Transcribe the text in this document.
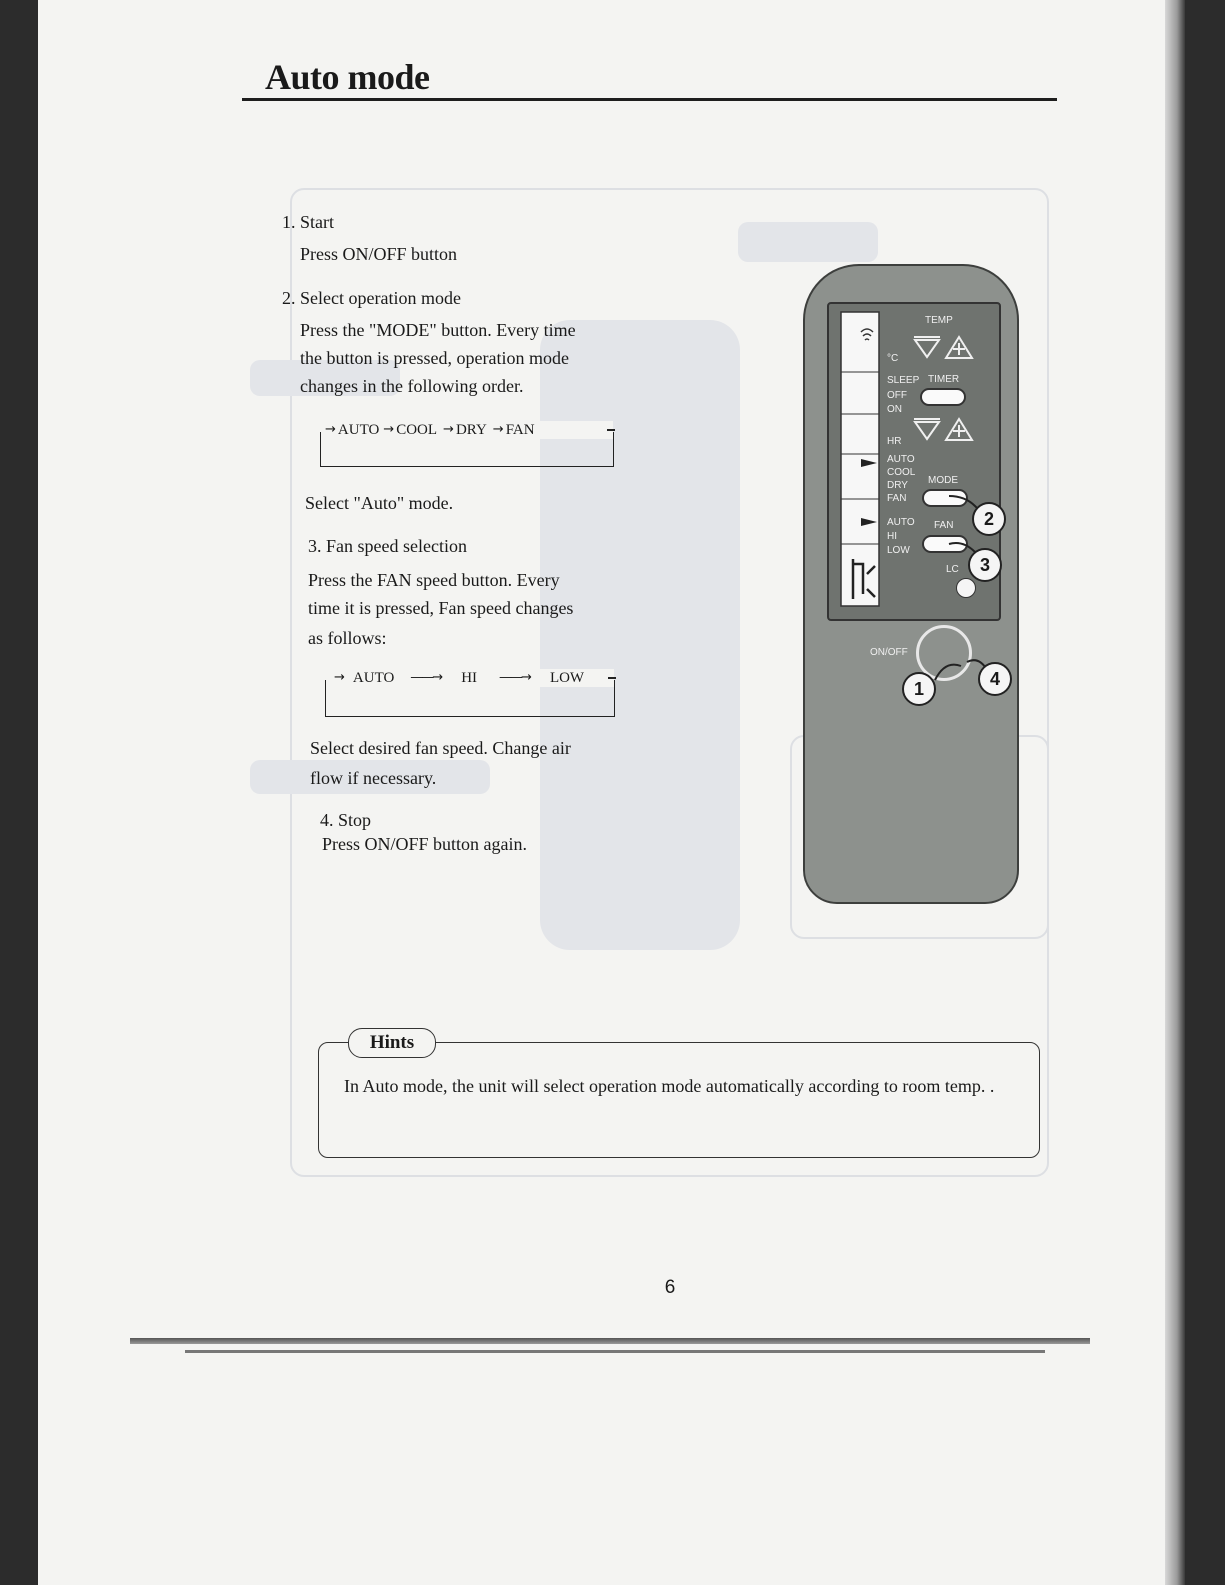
Auto mode
1. Start
Press ON/OFF button
2. Select operation mode
Press the "MODE" button. Every time
the button is pressed, operation mode
changes in the following order.
→ AUTO → COOL → DRY → FAN
Select "Auto" mode.
3. Fan speed selection
Press the FAN speed button. Every
time it is pressed, Fan speed changes
as follows:
→ AUTO ——→ HI ——→ LOW
Select desired fan speed. Change air
flow if necessary.
4. Stop
Press ON/OFF button again.
TEMP
°C
SLEEP TIMER
OFF
ON
HR
AUTO
COOL
DRY
FAN
MODE
AUTO
HI
LOW
FAN
LC
ON/OFF
2
3
1	4
Hints
In Auto mode, the unit will select operation mode automatically according to room temp. .
6
